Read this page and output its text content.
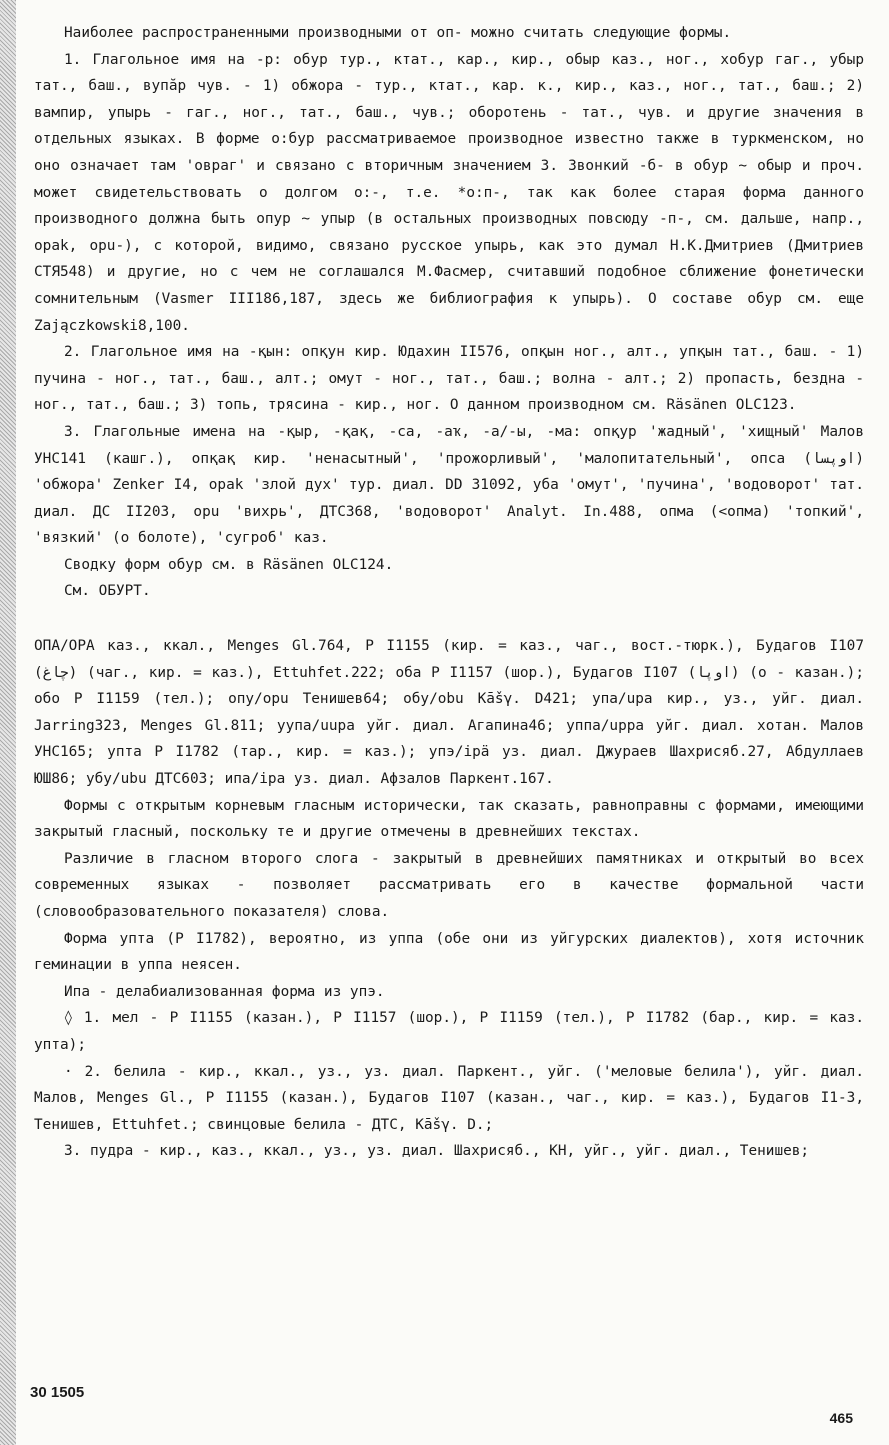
Наиболее распространенными производными от оп- можно считать следующие формы.

1. Глагольное имя на -р: обур тур., ктат., кар., кир., обыр каз., ног., хобур гаг., убыр тат., баш., вупăр чув. - 1) обжора - тур., ктат., кар. к., кир., каз., ног., тат., баш.; 2) вампир, упырь - гаг., ног., тат., баш., чув.; оборотень - тат., чув. и другие значения в отдельных языках. В форме о:бур рассматриваемое производное известно также в туркменском, но оно означает там 'овраг' и связано с вторичным значением 3. Звонкий -б- в обур ~ обыр и проч. может свидетельствовать о долгом о:-, т.е. *о:п-, так как более старая форма данного производного должна быть опур ~ упыр (в остальных производных повсюду -п-, см. дальше, напр., opak, opu-), с которой, видимо, связано русское упырь, как это думал Н.К.Дмитриев (Дмитриев СТЯ548) и другие, но с чем не соглашался М.Фасмер, считавший подобное сближение фонетически сомнительным (Vasmer III186,187, здесь же библиография к упырь). О составе обур см. еще Zajączkowski8,100.

2. Глагольное имя на -қын: опқун кир. Юдахин II576, опқын ног., алт., упқын тат., баш. - 1) пучина - ног., тат., баш., алт.; омут - ног., тат., баш.; волна - алт.; 2) пропасть, бездна - ног., тат., баш.; 3) топь, трясина - кир., ног. О данном производном см. Räsänen ОLС123.

3. Глагольные имена на -қыр, -қақ, -са, -аҡ, -а/-ы, -ма: опқур 'жадный', 'хищный' Малов УНС141 (кашг.), опқақ кир. 'ненасытный', 'прожорливый', 'малопитательный', опса (اوپسا) 'обжора' Zenker I4, opak 'злой дух' тур. диал. DD 31092, уба 'омут', 'пучина', 'водоворот' тат. диал. ДС II203, opu 'вихрь', ДТС368, 'водоворот' Analyt. In.488, опма (<опма) 'топкий', 'вязкий' (о болоте), 'сугроб' каз.

Сводку форм обур см. в Räsänen ОLС124.

См. ОБУРТ.

ОПА/ОРА каз., ккал., Menges Gl.764, Р I1155 (кир. = каз., чаг., вост.-тюрк.), Будагов I107 (چاغ) (чаг., кир. = каз.), Ettuhfet.222; оба Р I1157 (шор.), Будагов I107 (اوپا) (о - казан.); обо Р I1159 (тел.); опу/opu Тенишев64; обу/obu Kāšγ. D421; упа/upa кир., уз., уйг. диал. Jarring323, Menges Gl.811; уупа/uupa уйг. диал. Агапина46; уппа/uppa уйг. диал. хотан. Малов УНС165; упта Р I1782 (тар., кир. = каз.); упэ/ipä уз. диал. Джураев Шахрисяб.27, Абдуллаев ЮШ86; убу/ubu ДТС603; ипа/ipa уз. диал. Афзалов Паркент.167.

Формы с открытым корневым гласным исторически, так сказать, равноправны с формами, имеющими закрытый гласный, поскольку те и другие отмечены в древнейших текстах.

Различие в гласном второго слога - закрытый в древнейших памятниках и открытый во всех современных языках - позволяет рассматривать его в качестве формальной части (словообразовательного показателя) слова.

Форма упта (Р I1782), вероятно, из уппа (обе они из уйгурских диалектов), хотя источник геминации в уппа неясен.

Ипа - делабиализованная форма из упэ.

◊ 1. мел - Р I1155 (казан.), Р I1157 (шор.), Р I1159 (тел.), Р I1782 (бар., кир. = каз. упта);

· 2. белила - кир., ккал., уз., уз. диал. Паркент., уйг. ('меловые белила'), уйг. диал. Малов, Menges Gl., Р I1155 (казан.), Будагов I107 (казан., чаг., кир. = каз.), Будагов I1-3, Тенишев, Ettuhfet.; свинцовые белила - ДТС, Kāšγ. D.;

3. пудра - кир., каз., ккал., уз., уз. диал. Шахрисяб., КН, уйг., уйг. диал., Тенишев;

30 1505
465
